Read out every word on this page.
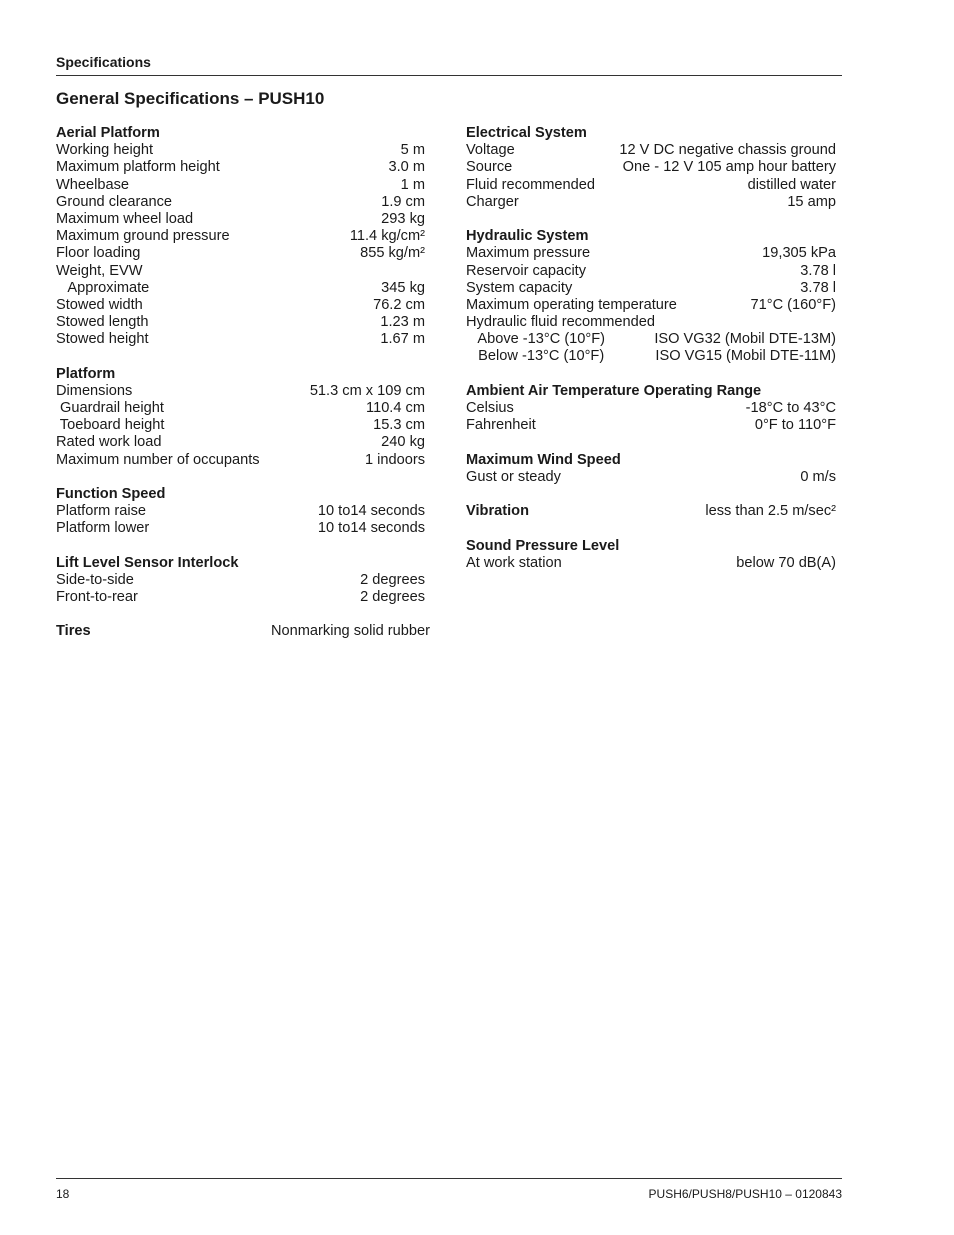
Specifications
General Specifications – PUSH10
Aerial Platform
Working height	5 m
Maximum platform height	3.0 m
Wheelbase	1 m
Ground clearance	1.9 cm
Maximum wheel load	293 kg
Maximum ground pressure	11.4 kg/cm²
Floor loading	855 kg/m²
Weight, EVW
Approximate	345 kg
Stowed width	76.2 cm
Stowed length	1.23 m
Stowed height	1.67 m
Platform
Dimensions	51.3 cm x 109 cm
Guardrail height	110.4 cm
Toeboard height	15.3 cm
Rated work load	240 kg
Maximum number of occupants	1 indoors
Function Speed
Platform raise	10 to14 seconds
Platform lower	10 to14 seconds
Lift Level Sensor Interlock
Side-to-side	2 degrees
Front-to-rear	2 degrees
Tires	Nonmarking solid rubber
Electrical System
Voltage	12 V DC negative chassis ground
Source	One - 12 V 105 amp hour battery
Fluid recommended	distilled water
Charger	15 amp
Hydraulic System
Maximum pressure	19,305 kPa
Reservoir capacity	3.78 l
System capacity	3.78 l
Maximum operating temperature	71°C (160°F)
Hydraulic fluid recommended
Above -13°C (10°F)	ISO VG32 (Mobil DTE-13M)
Below -13°C (10°F)	ISO VG15 (Mobil DTE-11M)
Ambient Air Temperature Operating Range
Celsius	-18°C to 43°C
Fahrenheit	0°F to 110°F
Maximum Wind Speed
Gust or steady	0 m/s
Vibration	less than 2.5 m/sec²
Sound Pressure Level
At work station	below 70 dB(A)
18	PUSH6/PUSH8/PUSH10 – 0120843
